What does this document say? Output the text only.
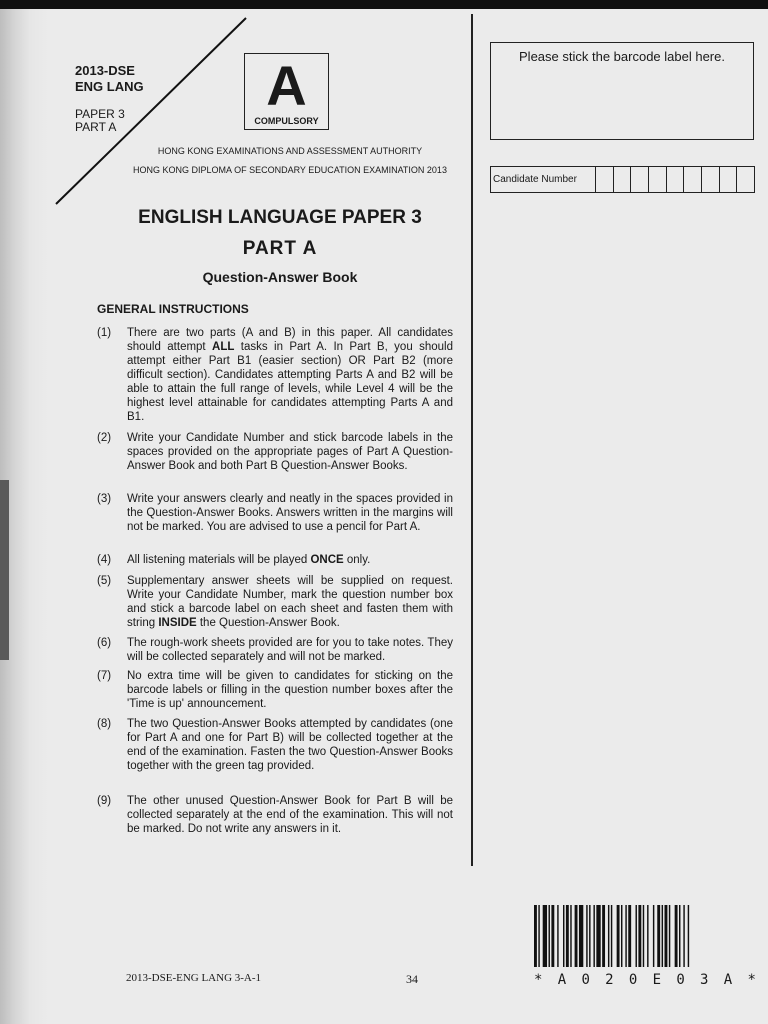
2013-DSE
ENG LANG
PAPER 3
PART A
A
COMPULSORY
HONG KONG EXAMINATIONS AND ASSESSMENT AUTHORITY
HONG KONG DIPLOMA OF SECONDARY EDUCATION EXAMINATION 2013
ENGLISH LANGUAGE PAPER 3
PART A
Question-Answer Book
GENERAL INSTRUCTIONS
(1)	There are two parts (A and B) in this paper. All candidates should attempt ALL tasks in Part A. In Part B, you should attempt either Part B1 (easier section) OR Part B2 (more difficult section). Candidates attempting Parts A and B2 will be able to attain the full range of levels, while Level 4 will be the highest level attainable for candidates attempting Parts A and B1.
(2)	Write your Candidate Number and stick barcode labels in the spaces provided on the appropriate pages of Part A Question-Answer Book and both Part B Question-Answer Books.
(3)	Write your answers clearly and neatly in the spaces provided in the Question-Answer Books. Answers written in the margins will not be marked. You are advised to use a pencil for Part A.
(4)	All listening materials will be played ONCE only.
(5)	Supplementary answer sheets will be supplied on request. Write your Candidate Number, mark the question number box and stick a barcode label on each sheet and fasten them with string INSIDE the Question-Answer Book.
(6)	The rough-work sheets provided are for you to take notes. They will be collected separately and will not be marked.
(7)	No extra time will be given to candidates for sticking on the barcode labels or filling in the question number boxes after the 'Time is up' announcement.
(8)	The two Question-Answer Books attempted by candidates (one for Part A and one for Part B) will be collected together at the end of the examination. Fasten the two Question-Answer Books together with the green tag provided.
(9)	The other unused Question-Answer Book for Part B will be collected separately at the end of the examination. This will not be marked. Do not write any answers in it.
Please stick the barcode label here.
Candidate Number
* A 0 2 0 E 0 3 A *
2013-DSE-ENG LANG 3-A-1	34
